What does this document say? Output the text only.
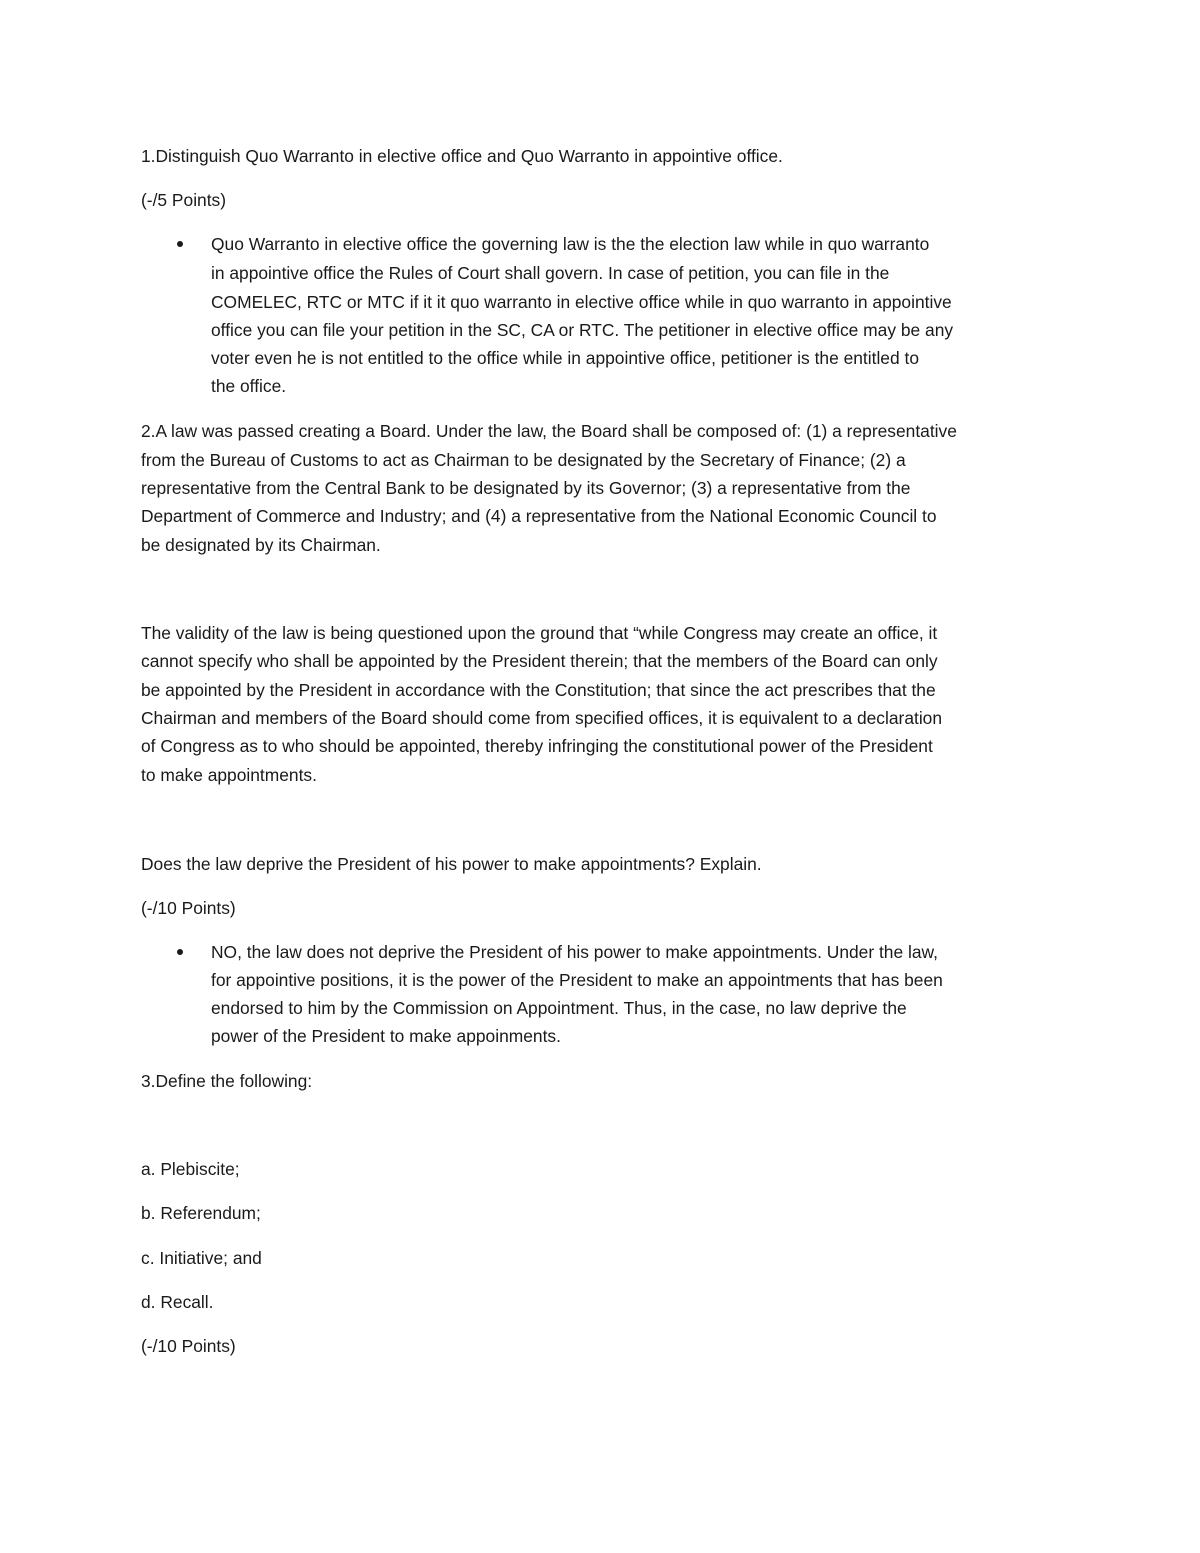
1.Distinguish Quo Warranto in elective office and Quo Warranto in appointive office.
(-/5 Points)
Quo Warranto in elective office the governing law is the the election law while in quo warranto
in appointive office the Rules of Court shall govern. In case of petition, you can file in the
COMELEC, RTC or MTC if it it quo warranto in elective office while in quo warranto in appointive
office you can file your petition in the SC, CA or RTC. The petitioner in elective office may be any
voter even he is not entitled to the office while in appointive office, petitioner is the entitled to
the office.
2.A law was passed creating a Board. Under the law, the Board shall be composed of: (1) a representative
from the Bureau of Customs to act as Chairman to be designated by the Secretary of Finance; (2) a
representative from the Central Bank to be designated by its Governor; (3) a representative from the
Department of Commerce and Industry; and (4) a representative from the National Economic Council to
be designated by its Chairman.
The validity of the law is being questioned upon the ground that “while Congress may create an office, it
cannot specify who shall be appointed by the President therein; that the members of the Board can only
be appointed by the President in accordance with the Constitution; that since the act prescribes that the
Chairman and members of the Board should come from specified offices, it is equivalent to a declaration
of Congress as to who should be appointed, thereby infringing the constitutional power of the President
to make appointments.
Does the law deprive the President of his power to make appointments? Explain.
(-/10 Points)
NO, the law does not deprive the President of his power to make appointments. Under the law,
for appointive positions, it is the power of the President to make an appointments that has been
endorsed to him by the Commission on Appointment. Thus, in the case, no law deprive the
power of the President to make appoinments.
3.Define the following:
a. Plebiscite;
b. Referendum;
c. Initiative; and
d. Recall.
(-/10 Points)
